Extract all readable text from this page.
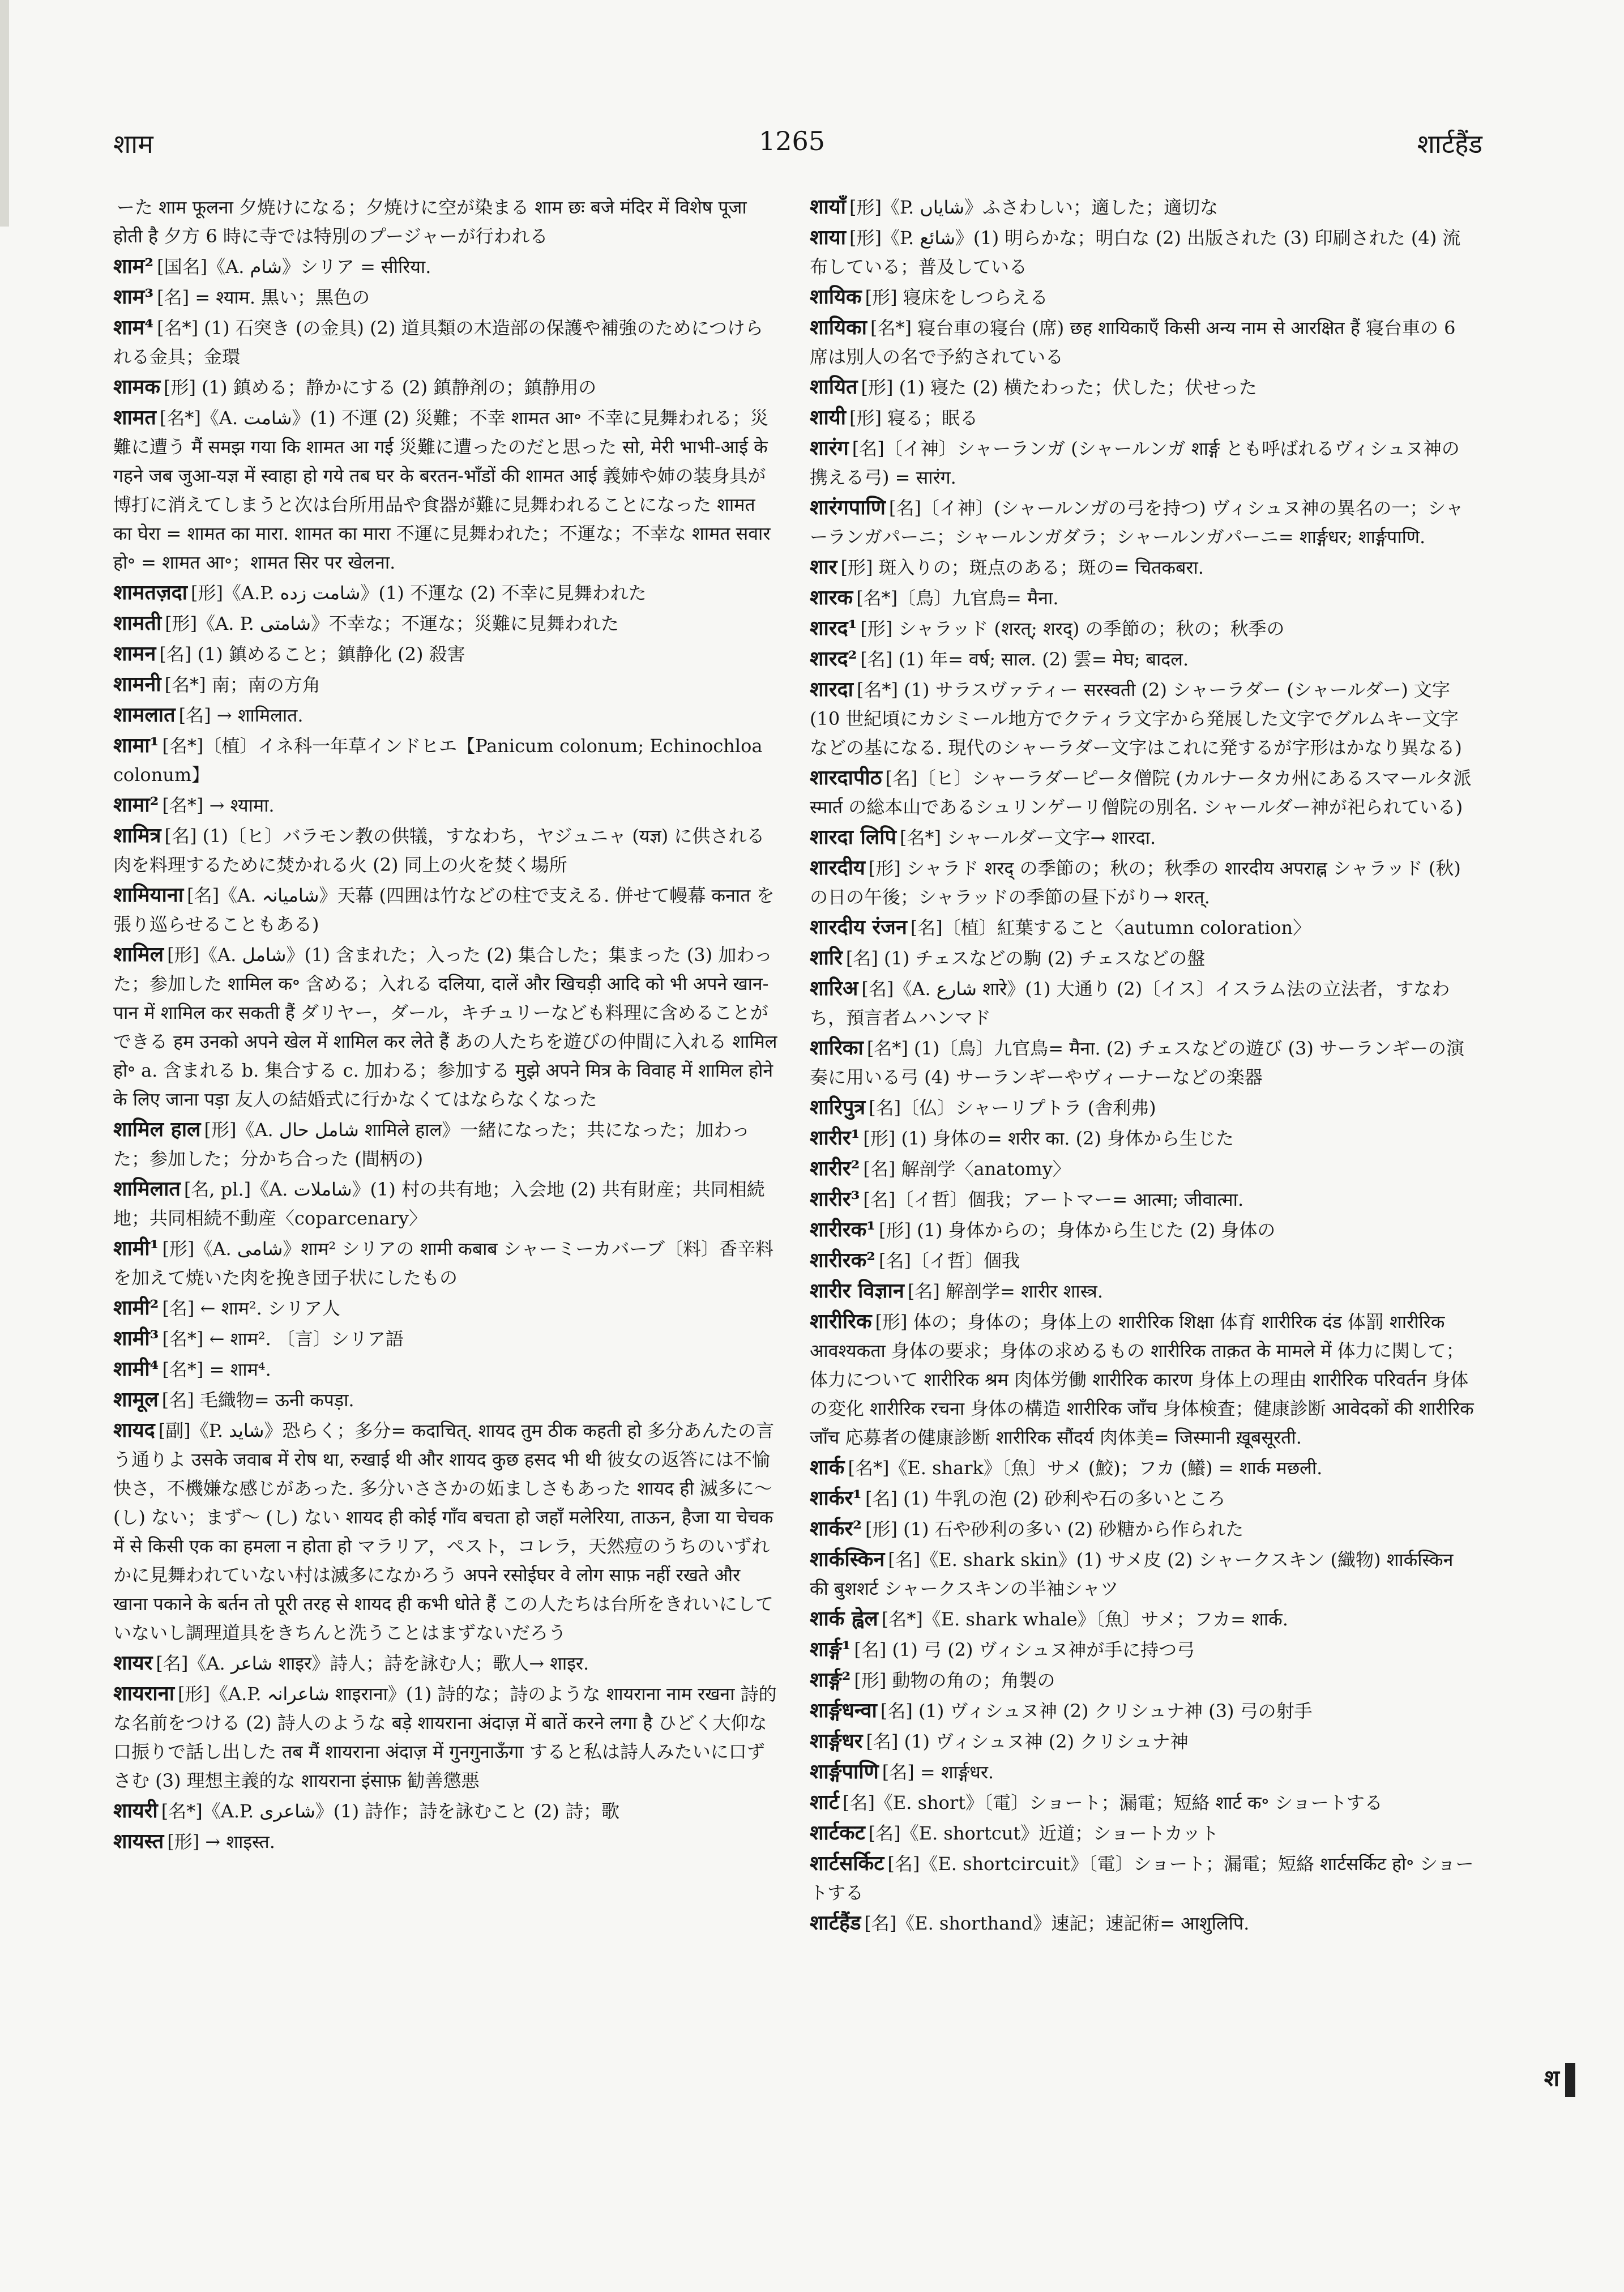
शाम	1265	शार्टहैंड
ーた शाम फूलना 夕焼けになる；夕焼けに空が染まる शाम छः बजे मंदिर में विशेष पूजा होती है 夕方 6 時に寺では特別のプージャーが行われる
शाम² [国名]《A. شام》シリア = सीरिया.
शाम³ [名] = श्याम. 黒い；黒色の
शाम⁴ [名*] (1) 石突き (の金具) (2) 道具類の木造部の保護や補強のためにつけられる金具；金環
शामक [形] (1) 鎮める；静かにする (2) 鎮静剤の；鎮静用の
शामत [名*]《A. شامت》(1) 不運 (2) 災難；不幸 शामत आ॰ 不幸に見舞われる；災難に遭う मैं समझ गया कि शामत आ गई 災難に遭ったのだと思った सो, मेरी भाभी-आई के गहने जब जुआ-यज्ञ में स्वाहा हो गये तब घर के बरतन-भाँडों की शामत आई 義姉や姉の装身具が博打に消えてしまうと次は台所用品や食器が難に見舞われることになった शामत का घेरा = शामत का मारा. शामत का मारा 不運に見舞われた；不運な；不幸な शामत सवार हो॰ = शामत आ॰；शामत सिर पर खेलना.
शामतज़दा [形]《A.P. شامت زده》(1) 不運な (2) 不幸に見舞われた
शामती [形]《A. P. شامتی》不幸な；不運な；災難に見舞われた
शामन [名] (1) 鎮めること；鎮静化 (2) 殺害
शामनी [名*] 南；南の方角
शामलात [名] → शामिलात.
शामा¹ [名*]〔植〕イネ科一年草インドヒエ【Panicum colonum; Echinochloa colonum】
शामा² [名*] → श्यामा.
शामित्र [名] (1)〔ヒ〕バラモン教の供犠，すなわち，ヤジュニャ (यज्ञ) に供される肉を料理するために焚かれる火 (2) 同上の火を焚く場所
शामियाना [名]《A. شامیانہ》天幕 (四囲は竹などの柱で支える. 併せて幔幕 कनात を張り巡らせることもある)
शामिल [形]《A. شامل》(1) 含まれた；入った (2) 集合した；集まった (3) 加わった；参加した शामिल क॰ 含める；入れる दलिया, दालें और खिचड़ी आदि को भी अपने खान-पान में शामिल कर सकती हैं ダリヤー，ダール，キチュリーなども料理に含めることができる हम उनको अपने खेल में शामिल कर लेते हैं あの人たちを遊びの仲間に入れる शामिल हो॰ a. 含まれる b. 集合する c. 加わる；参加する मुझे अपने मित्र के विवाह में शामिल होने के लिए जाना पड़ा 友人の結婚式に行かなくてはならなくなった
शामिल हाल [形]《A. شامل حال शामिले हाल》一緒になった；共になった；加わった；参加した；分かち合った (間柄の)
शामिलात [名, pl.]《A. شاملات》(1) 村の共有地；入会地 (2) 共有財産；共同相続地；共同相続不動産〈coparcenary〉
शामी¹ [形]《A. شامی》शाम² シリアの शामी कबाब シャーミーカバーブ〔料〕香辛料を加えて焼いた肉を挽き団子状にしたもの
शामी² [名] ← शाम². シリア人
शामी³ [名*] ← शाम². 〔言〕シリア語
शामी⁴ [名*] = शाम⁴.
शामूल [名] 毛織物= ऊनी कपड़ा.
शायद [副]《P. شاید》恐らく；多分= कदाचित्. शायद तुम ठीक कहती हो 多分あんたの言う通りよ उसके जवाब में रोष था, रुखाई थी और शायद कुछ हसद भी थी 彼女の返答には不愉快さ，不機嫌な感じがあった. 多分いささかの妬ましさもあった शायद ही 滅多に〜 (し) ない；まず〜 (し) ない शायद ही कोई गाँव बचता हो जहाँ मलेरिया, ताऊन, हैजा या चेचक में से किसी एक का हमला न होता हो マラリア，ペスト，コレラ，天然痘のうちのいずれかに見舞われていない村は滅多になかろう अपने रसोईघर वे लोग साफ़ नहीं रखते और खाना पकाने के बर्तन तो पूरी तरह से शायद ही कभी धोते हैं この人たちは台所をきれいにしていないし調理道具をきちんと洗うことはまずないだろう
शायर [名]《A. شاعر शाइर》詩人；詩を詠む人；歌人→ शाइर.
शायराना [形]《A.P. شاعرانہ शाइराना》(1) 詩的な；詩のような शायराना नाम रखना 詩的な名前をつける (2) 詩人のような बड़े शायराना अंदाज़ में बातें करने लगा है ひどく大仰な口振りで話し出した तब मैं शायराना अंदाज़ में गुनगुनाऊँगा すると私は詩人みたいに口ずさむ (3) 理想主義的な शायराना इंसाफ़ 勧善懲悪
शायरी [名*]《A.P. شاعری》(1) 詩作；詩を詠むこと (2) 詩；歌
शायस्त [形] → शाइस्त.
शायाँ [形]《P. شایاں》ふさわしい；適した；適切な
शाया [形]《P. شائع》(1) 明らかな；明白な (2) 出版された (3) 印刷された (4) 流布している；普及している
शायिक [形] 寝床をしつらえる
शायिका [名*] 寝台車の寝台 (席) छह शायिकाएँ किसी अन्य नाम से आरक्षित हैं 寝台車の 6 席は別人の名で予約されている
शायित [形] (1) 寝た (2) 横たわった；伏した；伏せった
शायी [形] 寝る；眠る
शारंग [名]〔イ神〕シャーランガ (シャールンガ शार्ङ्ग とも呼ばれるヴィシュヌ神の携える弓) = सारंग.
शारंगपाणि [名]〔イ神〕(シャールンガの弓を持つ) ヴィシュヌ神の異名の一；シャーランガパーニ；シャールンガダラ；シャールンガパーニ= शार्ङ्गधर; शार्ङ्गपाणि.
शार [形] 斑入りの；斑点のある；斑の= चितकबरा.
शारक [名*]〔鳥〕九官鳥= मैना.
शारद¹ [形] シャラッド (शरत्; शरद्) の季節の；秋の；秋季の
शारद² [名] (1) 年= वर्ष; साल. (2) 雲= मेघ; बादल.
शारदा [名*] (1) サラスヴァティー सरस्वती (2) シャーラダー (シャールダー) 文字 (10 世紀頃にカシミール地方でクティラ文字から発展した文字でグルムキー文字などの基になる. 現代のシャーラダー文字はこれに発するが字形はかなり異なる)
शारदापीठ [名]〔ヒ〕シャーラダーピータ僧院 (カルナータカ州にあるスマールタ派 स्मार्त の総本山であるシュリンゲーリ僧院の別名. シャールダー神が祀られている)
शारदा लिपि [名*] シャールダー文字→ शारदा.
शारदीय [形] シャラド शरद् の季節の；秋の；秋季の शारदीय अपराह्न シャラッド (秋) の日の午後；シャラッドの季節の昼下がり→ शरत्.
शारदीय रंजन [名]〔植〕紅葉すること〈autumn coloration〉
शारि [名] (1) チェスなどの駒 (2) チェスなどの盤
शारिअ [名]《A. شارع शारे》(1) 大通り (2)〔イス〕イスラム法の立法者，すなわち，預言者ムハンマド
शारिका [名*] (1)〔鳥〕九官鳥= मैना. (2) チェスなどの遊び (3) サーランギーの演奏に用いる弓 (4) サーランギーやヴィーナーなどの楽器
शारिपुत्र [名]〔仏〕シャーリプトラ (舎利弗)
शारीर¹ [形] (1) 身体の= शरीर का. (2) 身体から生じた
शारीर² [名] 解剖学〈anatomy〉
शारीर³ [名]〔イ哲〕個我；アートマー= आत्मा; जीवात्मा.
शारीरक¹ [形] (1) 身体からの；身体から生じた (2) 身体の
शारीरक² [名]〔イ哲〕個我
शारीर विज्ञान [名] 解剖学= शारीर शास्त्र.
शारीरिक [形] 体の；身体の；身体上の शारीरिक शिक्षा 体育 शारीरिक दंड 体罰 शारीरिक आवश्यकता 身体の要求；身体の求めるもの शारीरिक ताक़त के मामले में 体力に関して；体力について शारीरिक श्रम 肉体労働 शारीरिक कारण 身体上の理由 शारीरिक परिवर्तन 身体の変化 शारीरिक रचना 身体の構造 शारीरिक जाँच 身体検査；健康診断 आवेदकों की शारीरिक जाँच 応募者の健康診断 शारीरिक सौंदर्य 肉体美= जिस्मानी ख़ूबसूरती.
शार्क [名*]《E. shark》〔魚〕サメ (鮫)；フカ (鱶) = शार्क मछली.
शार्कर¹ [名] (1) 牛乳の泡 (2) 砂利や石の多いところ
शार्कर² [形] (1) 石や砂利の多い (2) 砂糖から作られた
शार्कस्किन [名]《E. shark skin》(1) サメ皮 (2) シャークスキン (織物) शार्कस्किन की बुशशर्ट シャークスキンの半袖シャツ
शार्क ह्वेल [名*]《E. shark whale》〔魚〕サメ；フカ= शार्क.
शार्ङ्ग¹ [名] (1) 弓 (2) ヴィシュヌ神が手に持つ弓
शार्ङ्ग² [形] 動物の角の；角製の
शार्ङ्गधन्वा [名] (1) ヴィシュヌ神 (2) クリシュナ神 (3) 弓の射手
शार्ङ्गधर [名] (1) ヴィシュヌ神 (2) クリシュナ神
शार्ङ्गपाणि [名] = शार्ङ्गधर.
शार्ट [名]《E. short》〔電〕ショート；漏電；短絡 शार्ट क॰ ショートする
शार्टकट [名]《E. shortcut》近道；ショートカット
शार्टसर्किट [名]《E. shortcircuit》〔電〕ショート；漏電；短絡 शार्टसर्किट हो॰ ショートする
शार्टहैंड [名]《E. shorthand》速記；速記術= आशुलिपि.
श
